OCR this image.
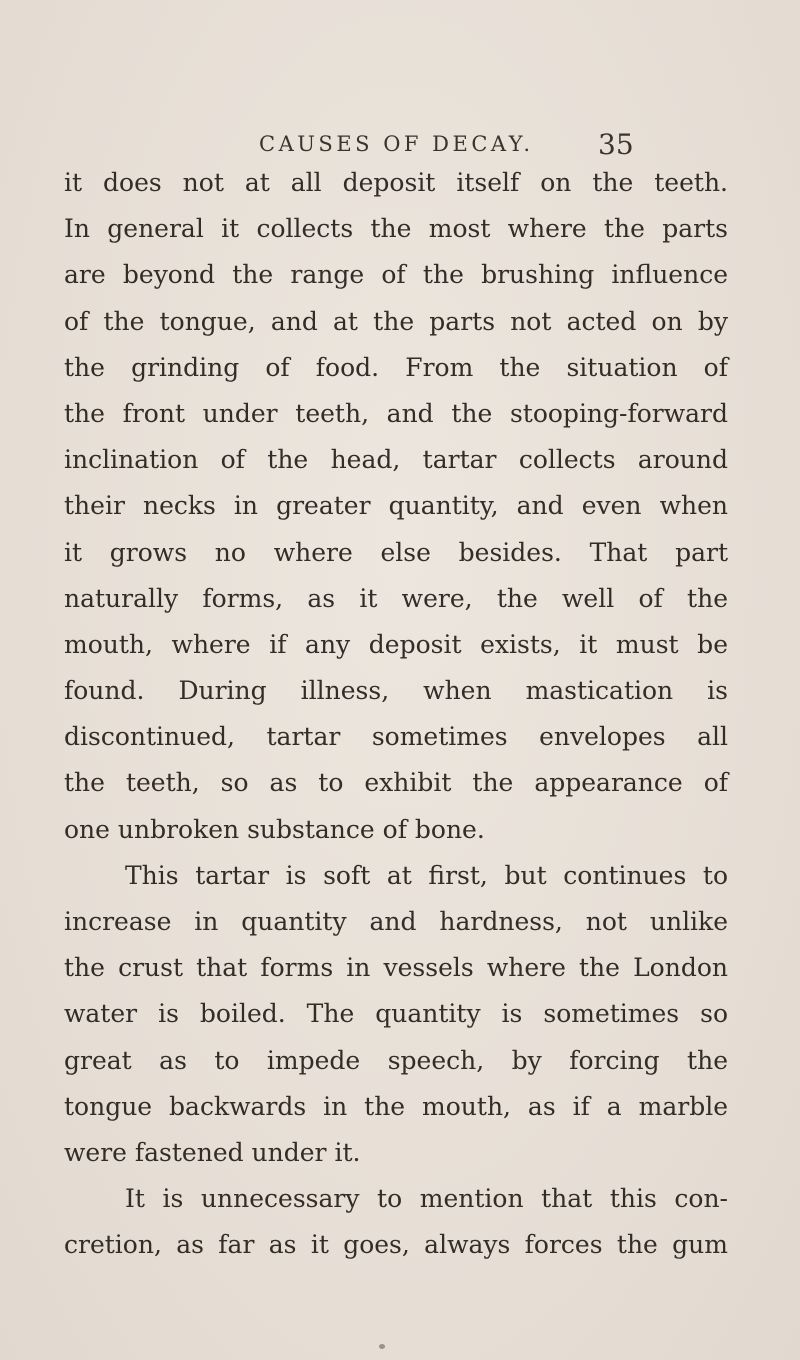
CAUSES OF DECAY. 35
it does not at all deposit itself on the teeth.
In general it collects the most where the parts
are beyond the range of the brushing influence
of the tongue, and at the parts not acted on by
the grinding of food. From the situation of
the front under teeth, and the stooping-forward
inclination of the head, tartar collects around
their necks in greater quantity, and even when
it grows no where else besides. That part
naturally forms, as it were, the well of the
mouth, where if any deposit exists, it must be
found. During illness, when mastication is
discontinued, tartar sometimes envelopes all
the teeth, so as to exhibit the appearance of
one unbroken substance of bone.
This tartar is soft at first, but continues to
increase in quantity and hardness, not unlike
the crust that forms in vessels where the London
water is boiled. The quantity is sometimes so
great as to impede speech, by forcing the
tongue backwards in the mouth, as if a marble
were fastened under it.
It is unnecessary to mention that this con-
cretion, as far as it goes, always forces the gum
